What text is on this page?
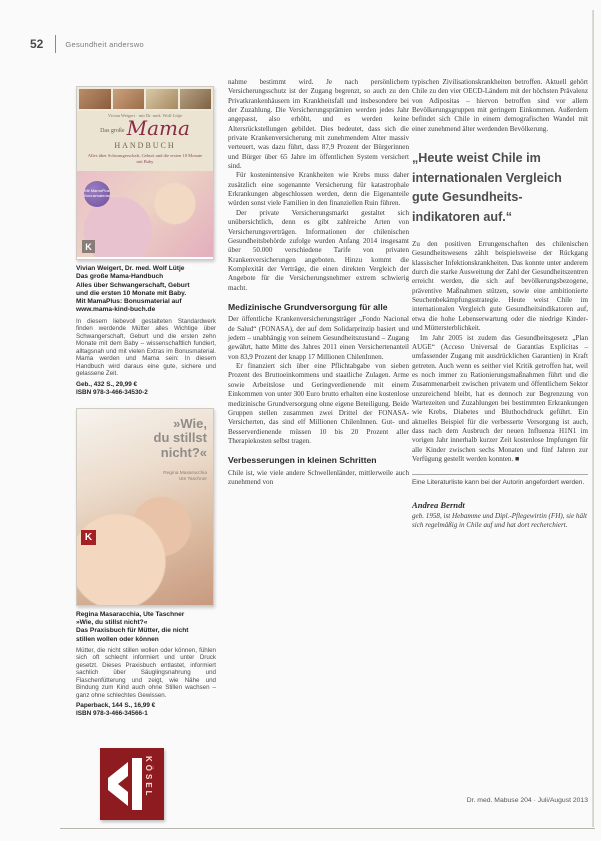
52	Gesundheit anderswo
Vivian Weigert · mit Dr. med. Wolf Lütje
Das große Mama
HANDBUCH
Alles über Schwangerschaft, Geburt und die ersten 10 Monate mit Baby
Mit MamaPlus Bonusmaterial
K
Vivian Weigert, Dr. med. Wolf Lütje
Das große Mama-Handbuch
Alles über Schwangerschaft, Geburt
und die ersten 10 Monate mit Baby.
Mit MamaPlus: Bonusmaterial auf
www.mama-kind-buch.de
In diesem liebevoll gestalteten Standardwerk finden werdende Mütter alles Wichtige über Schwangerschaft, Geburt und die ersten zehn Monate mit dem Baby – wissenschaftlich fundiert, alltagsnah und mit vielen Extras im Bonusmaterial. Mama werden und Mama sein: In diesem Handbuch wird daraus eine gute, sichere und gelassene Zeit.
Geb., 432 S., 29,99 €
ISBN 978-3-466-34530-2
»Wie,
du stillst
nicht?«
Regina Masaracchia
Ute Taschner
K
Regina Masaracchia, Ute Taschner
»Wie, du stillst nicht?«
Das Praxisbuch für Mütter, die nicht
stillen wollen oder können
Mütter, die nicht stillen wollen oder können, fühlen sich oft schlecht informiert und unter Druck gesetzt. Dieses Praxisbuch entlastet, informiert sachlich über Säuglingsnahrung und Flaschenfütterung und zeigt, wie Nähe und Bindung zum Kind auch ohne Stillen wachsen – ganz ohne schlechtes Gewissen.
Paperback, 144 S., 16,99 €
ISBN 978-3-466-34566-1
KÖSEL

nahme bestimmt wird. Je nach persönlichem Versicherungsschutz ist der Zugang begrenzt, so auch zu den Privatkrankenhäusern im Krankheitsfall und insbesondere bei der Zuzahlung. Die Versicherungsprämien werden jedes Jahr angepasst, also erhöht, und es werden keine Altersrückstellungen gebildet. Dies bedeutet, dass sich die private Krankenversicherung mit zunehmendem Alter massiv verteuert, was dazu führt, dass 87,9 Prozent der Bürgerinnen und Bürger über 65 Jahre im öffentlichen System versichert sind.

Für kostenintensive Krankheiten wie Krebs muss daher zusätzlich eine sogenannte Versicherung für katastrophale Erkrankungen abgeschlossen werden, denn die Eigenanteile würden sonst viele Familien in den finanziellen Ruin führen.

Der private Versicherungsmarkt gestaltet sich unübersichtlich, denn es gibt zahlreiche Arten von Versicherungsverträgen. Informationen der chilenischen Gesundheitsbehörde zufolge wurden Anfang 2014 insgesamt über 50.000 verschiedene Tarife von privaten Krankenversicherungen angeboten. Hinzu kommt die Komplexität der Verträge, die einen direkten Vergleich der Angebote für die Versicherungsnehmer extrem schwierig macht.

Medizinische Grundversorgung für alle

Der öffentliche Krankenversicherungsträger „Fondo Nacional de Salud“ (FONASA), der auf dem Solidarprinzip basiert und jedem – unabhängig von seinem Gesundheitszustand – Zugang gewährt, hatte Mitte des Jahres 2011 einen Versichertenanteil von 83,9 Prozent der knapp 17 Millionen ChilenInnen.

Er finanziert sich über eine Pflichtabgabe von sieben Prozent des Bruttoeinkommens und staatliche Zulagen. Arme sowie Arbeitslose und Geringverdienende mit einem Einkommen von unter 300 Euro brutto erhalten eine kostenlose medizinische Grundversorgung ohne eigene Beteiligung. Beide Gruppen stellen zusammen zwei Drittel der FONASA-Versicherten, das sind elf Millionen ChilenInnen. Gut- und Besserverdienende müssen 10 bis 20 Prozent aller Therapiekosten selbst tragen.

Verbesserungen in kleinen Schritten

Chile ist, wie viele andere Schwellenländer, mittlerweile auch zunehmend von

typischen Zivilisationskrankheiten betroffen. Aktuell gehört Chile zu den vier OECD-Ländern mit der höchsten Prävalenz von Adipositas – hiervon betroffen sind vor allem Bevölkerungsgruppen mit geringem Einkommen. Außerdem befindet sich Chile in einem demografischen Wandel mit einer zunehmend älter werdenden Bevölkerung.

„Heute weist Chile im internationalen Vergleich gute Gesundheits- indikatoren auf.“

Zu den positiven Errungenschaften des chilenischen Gesundheitswesens zählt beispielsweise der Rückgang klassischer Infektionskrankheiten. Das konnte unter anderem durch die starke Ausweitung der Zahl der Gesundheitszentren erreicht werden, die sich auf bevölkerungsbezogene, präventive Maßnahmen stützen, sowie eine ambitionierte Seuchenbekämpfungsstrategie. Heute weist Chile im internationalen Vergleich gute Gesundheitsindikatoren auf, etwa die hohe Lebenserwartung oder die niedrige Kinder- und Müttersterblichkeit.

Im Jahr 2005 ist zudem das Gesundheitsgesetz „Plan AUGE“ (Acceso Universal de Garantías Explícitas – umfassender Zugang mit ausdrücklichen Garantien) in Kraft getreten. Auch wenn es seither viel Kritik getroffen hat, weil es noch immer zu Rationierungsmaßnahmen führt und die Zusammenarbeit zwischen privatem und öffentlichem Sektor unzureichend bleibt, hat es dennoch zur Begrenzung von Wartezeiten und Zuzahlungen bei bestimmten Erkrankungen wie Krebs, Diabetes und Bluthochdruck geführt. Ein aktuelles Beispiel für die verbesserte Versorgung ist auch, dass nach dem Ausbruch der neuen Influenza H1N1 im vorigen Jahr innerhalb kurzer Zeit kostenlose Impfungen für alle Kinder zwischen sechs Monaten und fünf Jahren zur Verfügung gestellt werden konnten. ■

Eine Literaturliste kann bei der Autorin angefordert werden.
Andrea Berndt
geb. 1958, ist Hebamme und Dipl.-Pflegewirtin (FH), sie hält sich regelmäßig in Chile auf und hat dort recherchiert.
Dr. med. Mabuse 204 · Juli/August 2013
